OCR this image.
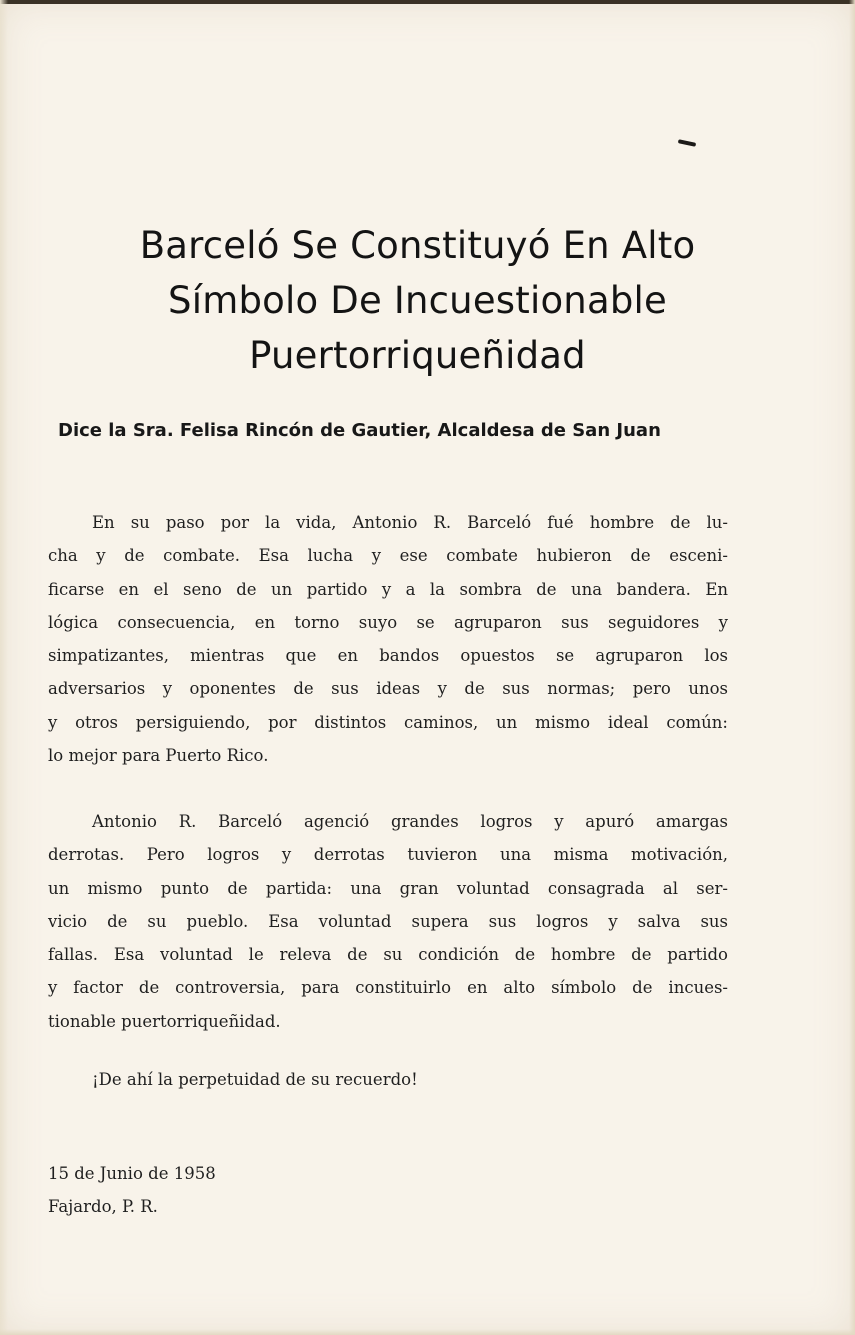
Barceló Se Constituyó En Alto
Símbolo De Incuestionable
Puertorriqueñidad
Dice la Sra. Felisa Rincón de Gautier, Alcaldesa de San Juan
En su paso por la vida, Antonio R. Barceló fué hombre de lu-
cha y de combate. Esa lucha y ese combate hubieron de esceni-
ficarse en el seno de un partido y a la sombra de una bandera. En
lógica consecuencia, en torno suyo se agruparon sus seguidores y
simpatizantes, mientras que en bandos opuestos se agruparon los
adversarios y oponentes de sus ideas y de sus normas; pero unos
y otros persiguiendo, por distintos caminos, un mismo ideal común:
lo mejor para Puerto Rico.
Antonio R. Barceló agenció grandes logros y apuró amargas
derrotas. Pero logros y derrotas tuvieron una misma motivación,
un mismo punto de partida: una gran voluntad consagrada al ser-
vicio de su pueblo. Esa voluntad supera sus logros y salva sus
fallas. Esa voluntad le releva de su condición de hombre de partido
y factor de controversia, para constituirlo en alto símbolo de incues-
tionable puertorriqueñidad.
¡De ahí la perpetuidad de su recuerdo!
15 de Junio de 1958
Fajardo, P. R.
